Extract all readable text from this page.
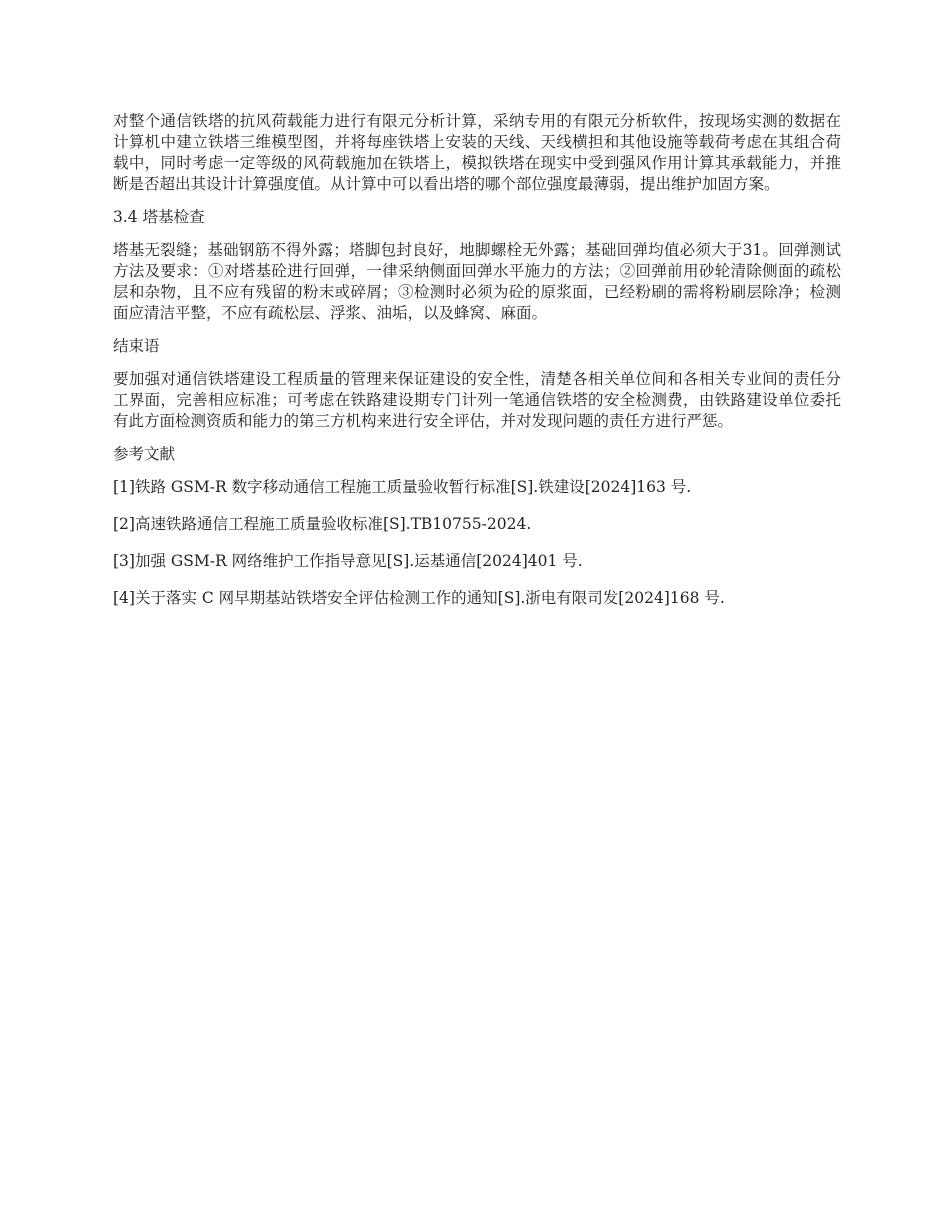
对整个通信铁塔的抗风荷载能力进行有限元分析计算，采纳专用的有限元分析软件，按现场实测的数据在计算机中建立铁塔三维模型图，并将每座铁塔上安装的天线、天线横担和其他设施等载荷考虑在其组合荷载中，同时考虑一定等级的风荷载施加在铁塔上，模拟铁塔在现实中受到强风作用计算其承载能力，并推断是否超出其设计计算强度值。从计算中可以看出塔的哪个部位强度最薄弱，提出维护加固方案。

3.4 塔基检查

塔基无裂缝；基础钢筋不得外露；塔脚包封良好，地脚螺栓无外露；基础回弹均值必须大于31。回弹测试方法及要求：①对塔基砼进行回弹，一律采纳侧面回弹水平施力的方法；②回弹前用砂轮清除侧面的疏松层和杂物，且不应有残留的粉末或碎屑；③检测时必须为砼的原浆面，已经粉刷的需将粉刷层除净；检测面应清洁平整，不应有疏松层、浮浆、油垢，以及蜂窝、麻面。

结束语

要加强对通信铁塔建设工程质量的管理来保证建设的安全性，清楚各相关单位间和各相关专业间的责任分工界面，完善相应标准；可考虑在铁路建设期专门计列一笔通信铁塔的安全检测费，由铁路建设单位委托有此方面检测资质和能力的第三方机构来进行安全评估，并对发现问题的责任方进行严惩。

参考文献

[1]铁路 GSM-R 数字移动通信工程施工质量验收暂行标准[S].铁建设[2024]163 号.

[2]高速铁路通信工程施工质量验收标准[S].TB10755-2024.

[3]加强 GSM-R 网络维护工作指导意见[S].运基通信[2024]401 号.

[4]关于落实 C 网早期基站铁塔安全评估检测工作的通知[S].浙电有限司发[2024]168 号.
